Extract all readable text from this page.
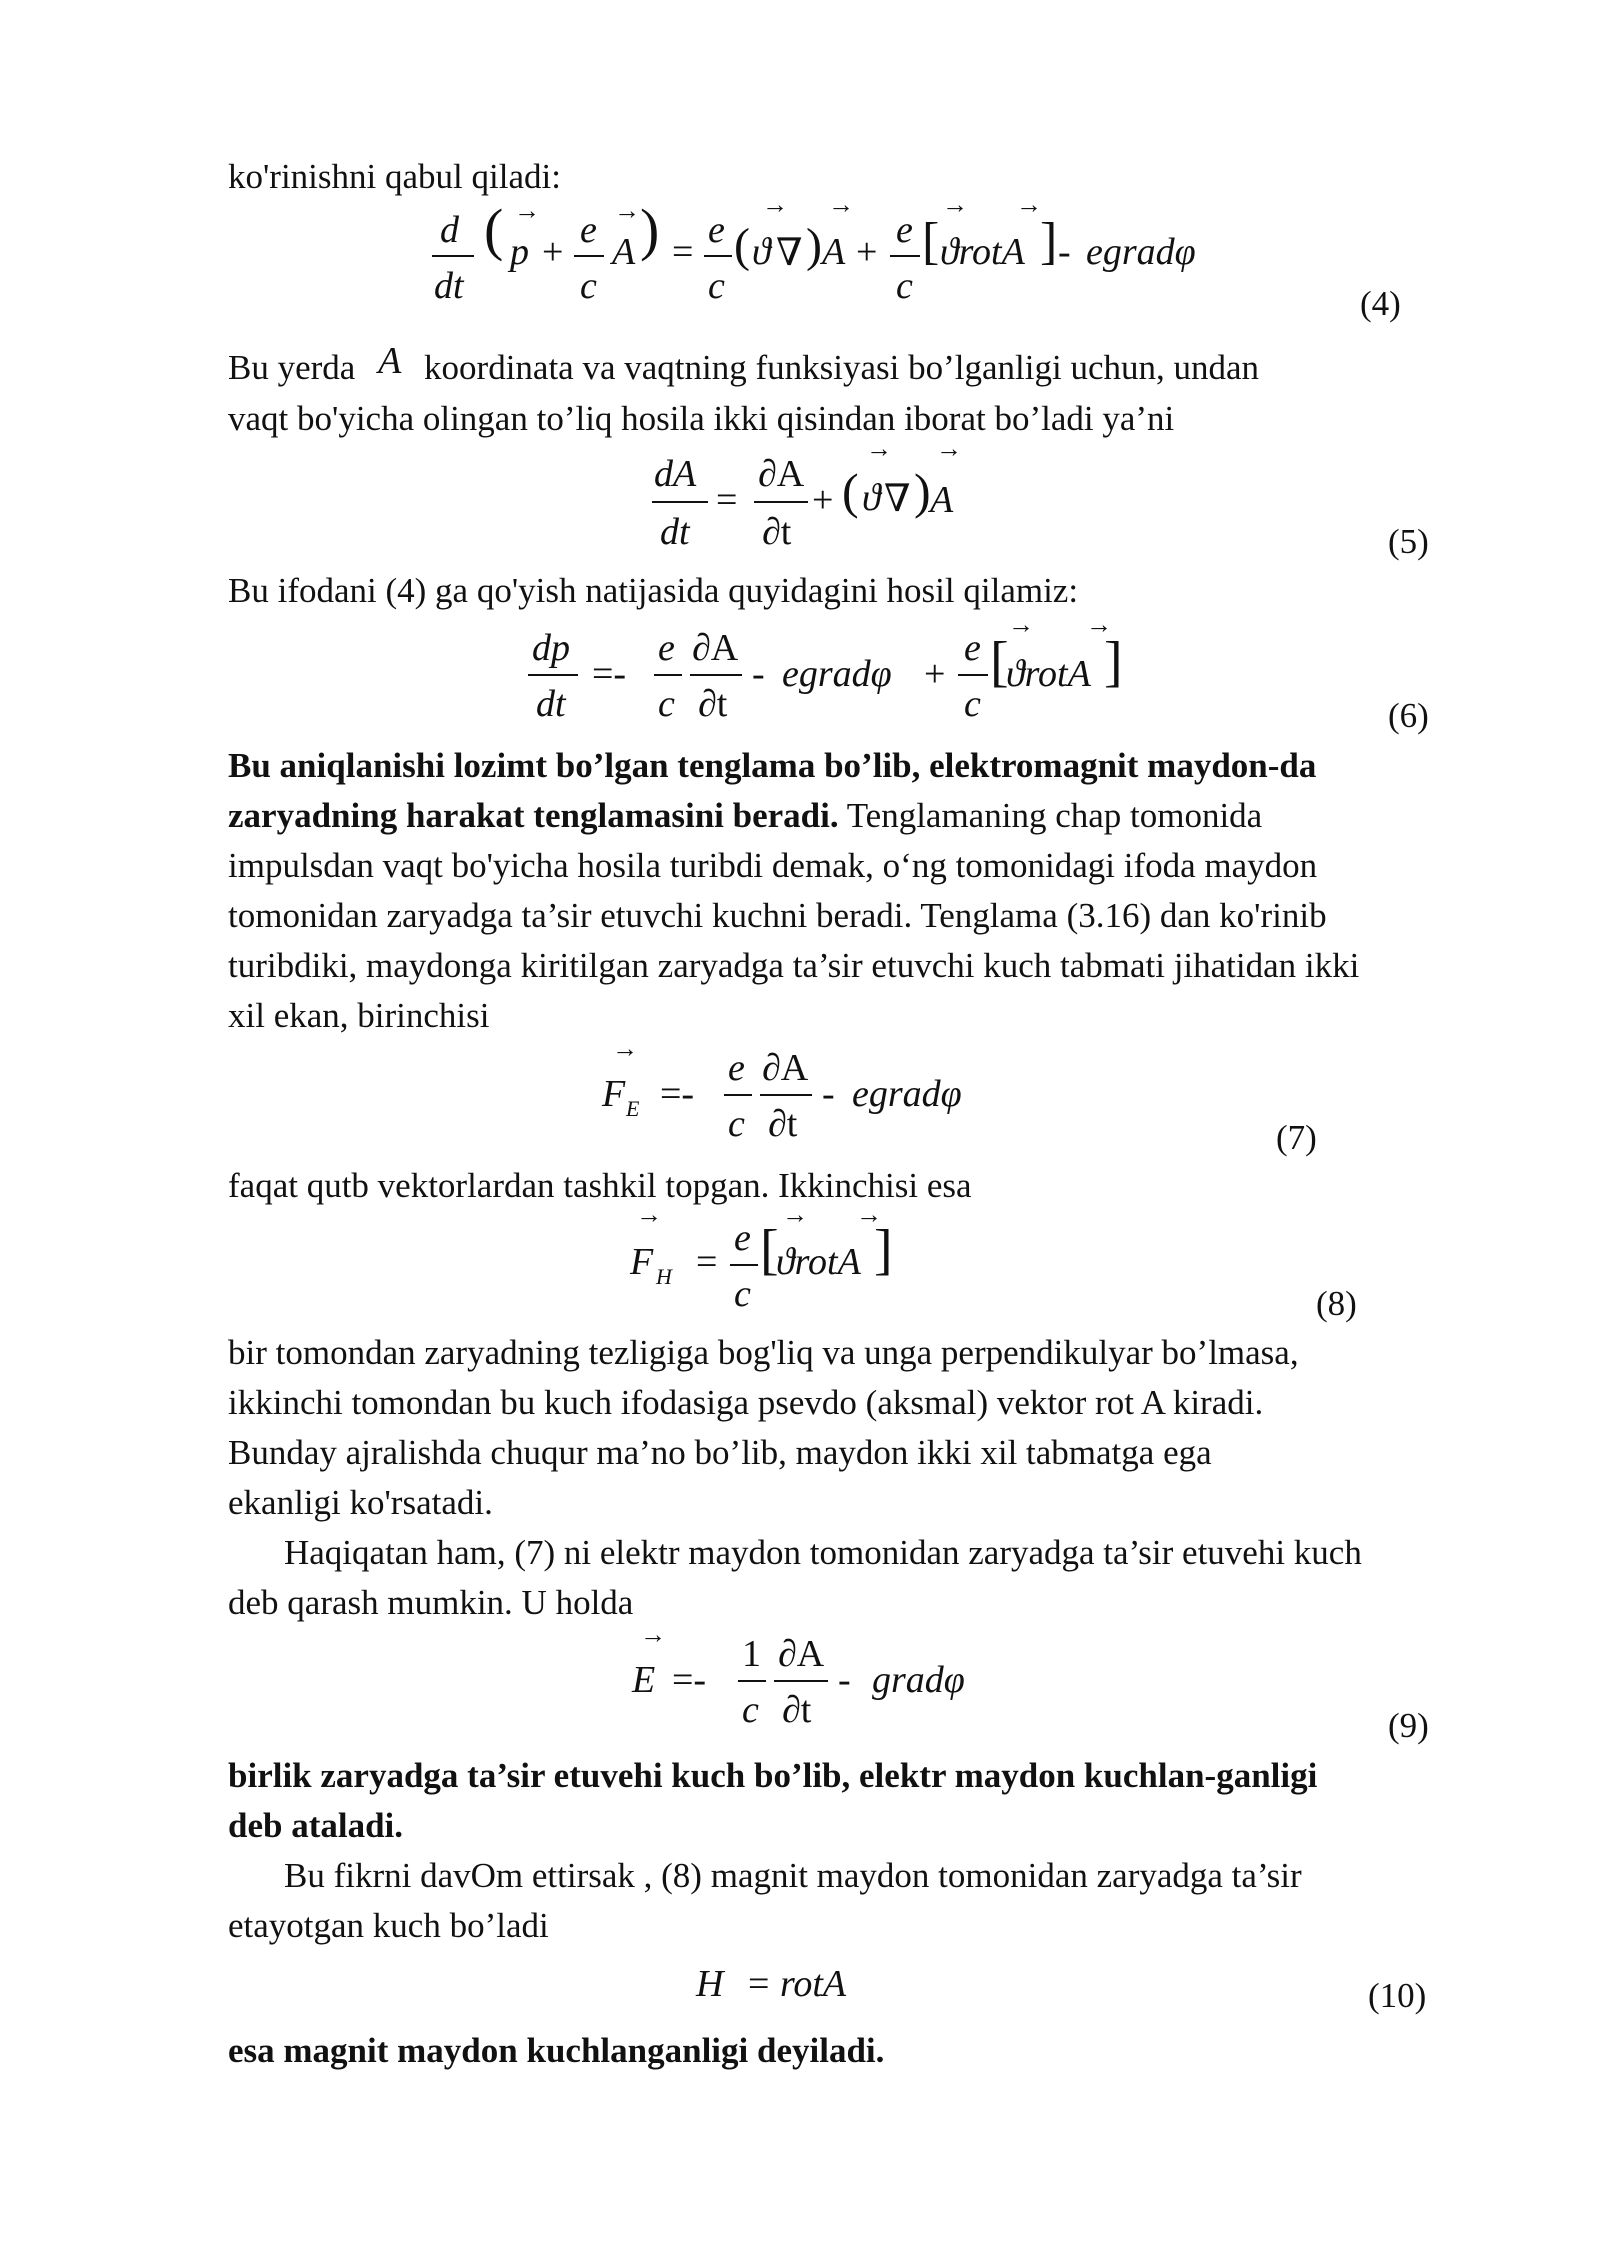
ko'rinishni qabul qiladi:
d
dt
( →
p +
e
c
→
A ) =
e
c
( ϑ
→
∇ )
→
A +
e
c
[
→ →
ϑrotA ] - egradφ
(4)
Bu yerda A koordinata va vaqtning funksiyasi bo’lganligi uchun, undan
vaqt bo'yicha olingan to’liq hosila ikki qisindan iborat bo’ladi ya’ni
dA
dt
=
∂A
∂t
+ ( ϑ
→
∇ )
→
A
(5)
Bu ifodani (4) ga qo'yish natijasida quyidagini hosil qilamiz:
dp
dt
=-
e
c
∂A
∂t
- egradφ +
e
c
[
→ →
ϑrotA ]
(6)
Bu aniqlanishi lozimt bo’lgan tenglama bo’lib, elektromagnit maydon-da
zaryadning harakat tenglamasini beradi. Tenglamaning chap tomonida
impulsdan vaqt bo'yicha hosila turibdi demak, o‘ng tomonidagi ifoda maydon
tomonidan zaryadga ta’sir etuvchi kuchni beradi. Tenglama (3.16) dan ko'rinib
turibdiki, maydonga kiritilgan zaryadga ta’sir etuvchi kuch tabmati jihatidan ikki
xil ekan, birinchisi
→
F E =-
e
c
∂A
∂t
- egradφ
(7)
faqat qutb vektorlardan tashkil topgan. Ikkinchisi esa
→
F H =
e
c
[
→ →
ϑrotA ]
(8)
bir tomondan zaryadning tezligiga bog'liq va unga perpendikulyar bo’lmasa,
ikkinchi tomondan bu kuch ifodasiga psevdo (aksmal) vektor rot A kiradi.
Bunday ajralishda chuqur ma’no bo’lib, maydon ikki xil tabmatga ega
ekanligi ko'rsatadi.
Haqiqatan ham, (7) ni elektr maydon tomonidan zaryadga ta’sir etuvehi kuch
deb qarash mumkin. U holda
→
E =-
1
c
∂A
∂t
- gradφ
(9)
birlik zaryadga ta’sir etuvehi kuch bo’lib, elektr maydon kuchlan-ganligi
deb ataladi.
Bu fikrni davOm ettirsak , (8) magnit maydon tomonidan zaryadga ta’sir
etayotgan kuch bo’ladi
H = rotA	(10)
esa magnit maydon kuchlanganligi deyiladi.
